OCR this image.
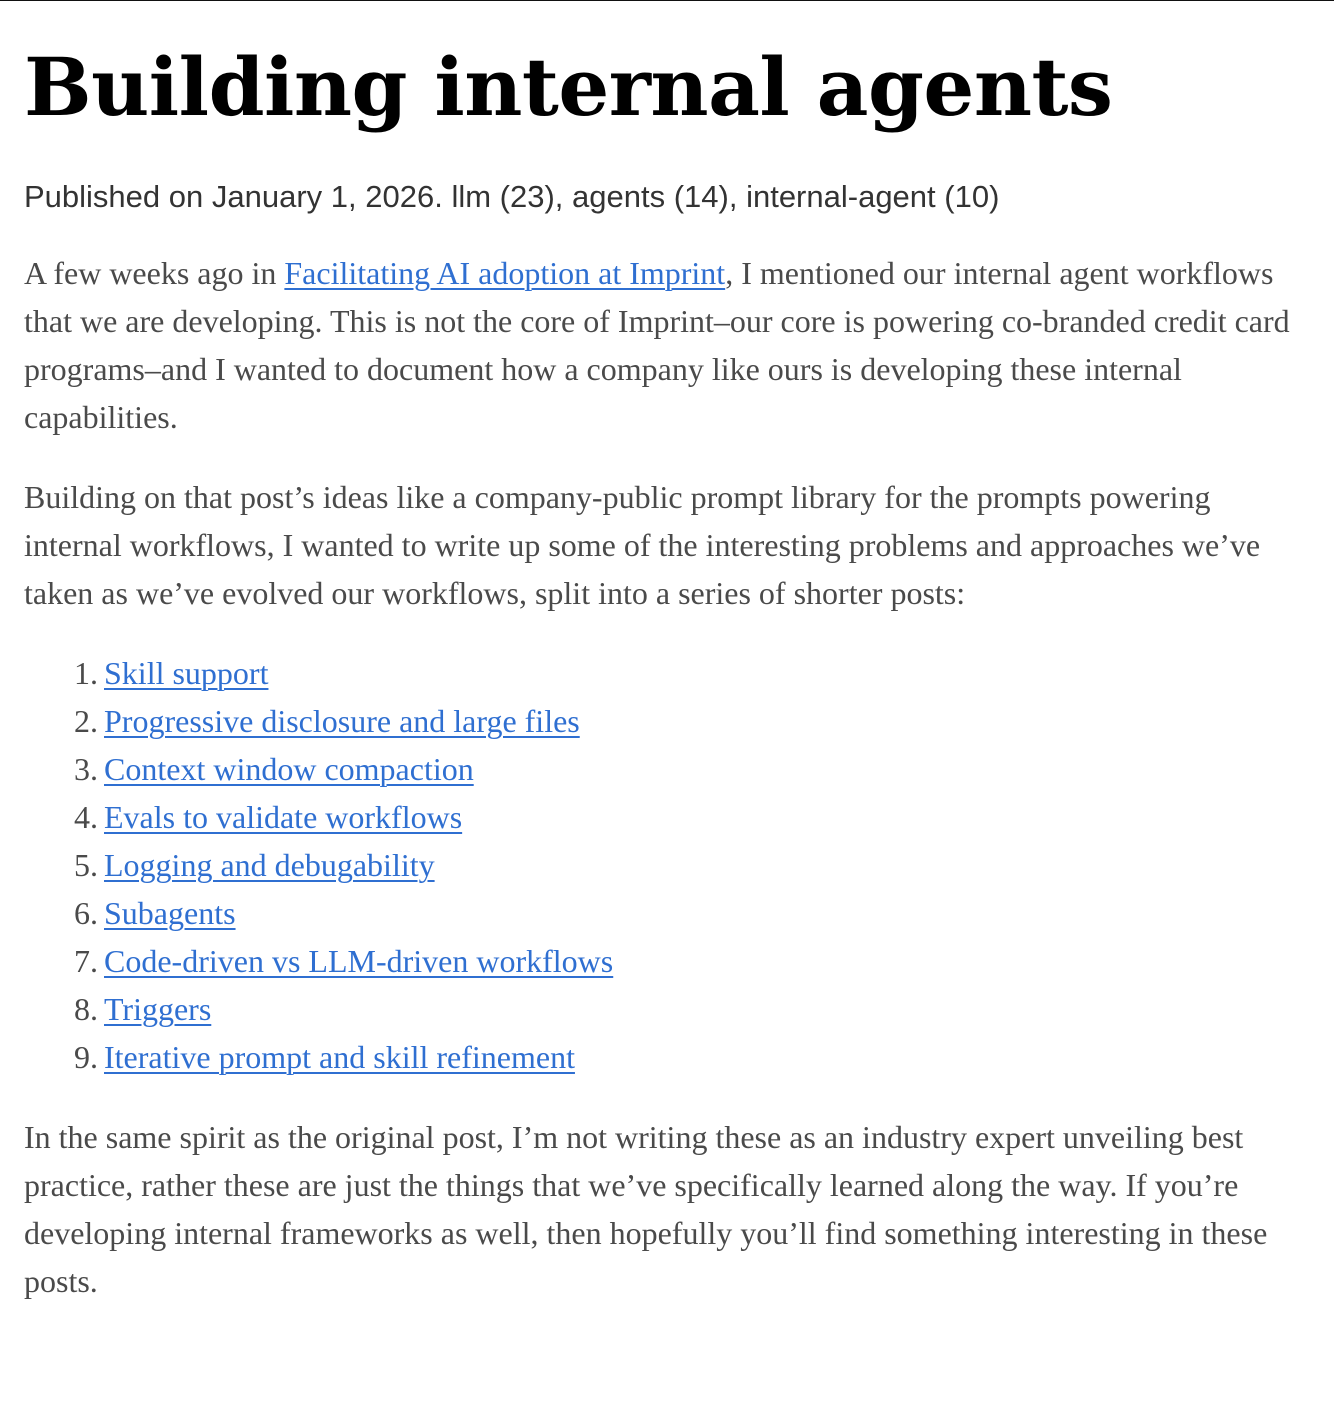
Building internal agents
Published on January 1, 2026. llm (23), agents (14), internal-agent (10)

A few weeks ago in Facilitating AI adoption at Imprint, I mentioned our internal agent workflows that we are developing. This is not the core of Imprint–our core is powering co-branded credit card programs–and I wanted to document how a company like ours is developing these internal capabilities.

Building on that post’s ideas like a company-public prompt library for the prompts powering internal workflows, I wanted to write up some of the interesting problems and approaches we’ve taken as we’ve evolved our workflows, split into a series of shorter posts:

1. Skill support
2. Progressive disclosure and large files
3. Context window compaction
4. Evals to validate workflows
5. Logging and debugability
6. Subagents
7. Code-driven vs LLM-driven workflows
8. Triggers
9. Iterative prompt and skill refinement

In the same spirit as the original post, I’m not writing these as an industry expert unveiling best practice, rather these are just the things that we’ve specifically learned along the way. If you’re developing internal frameworks as well, then hopefully you’ll find something interesting in these posts.
